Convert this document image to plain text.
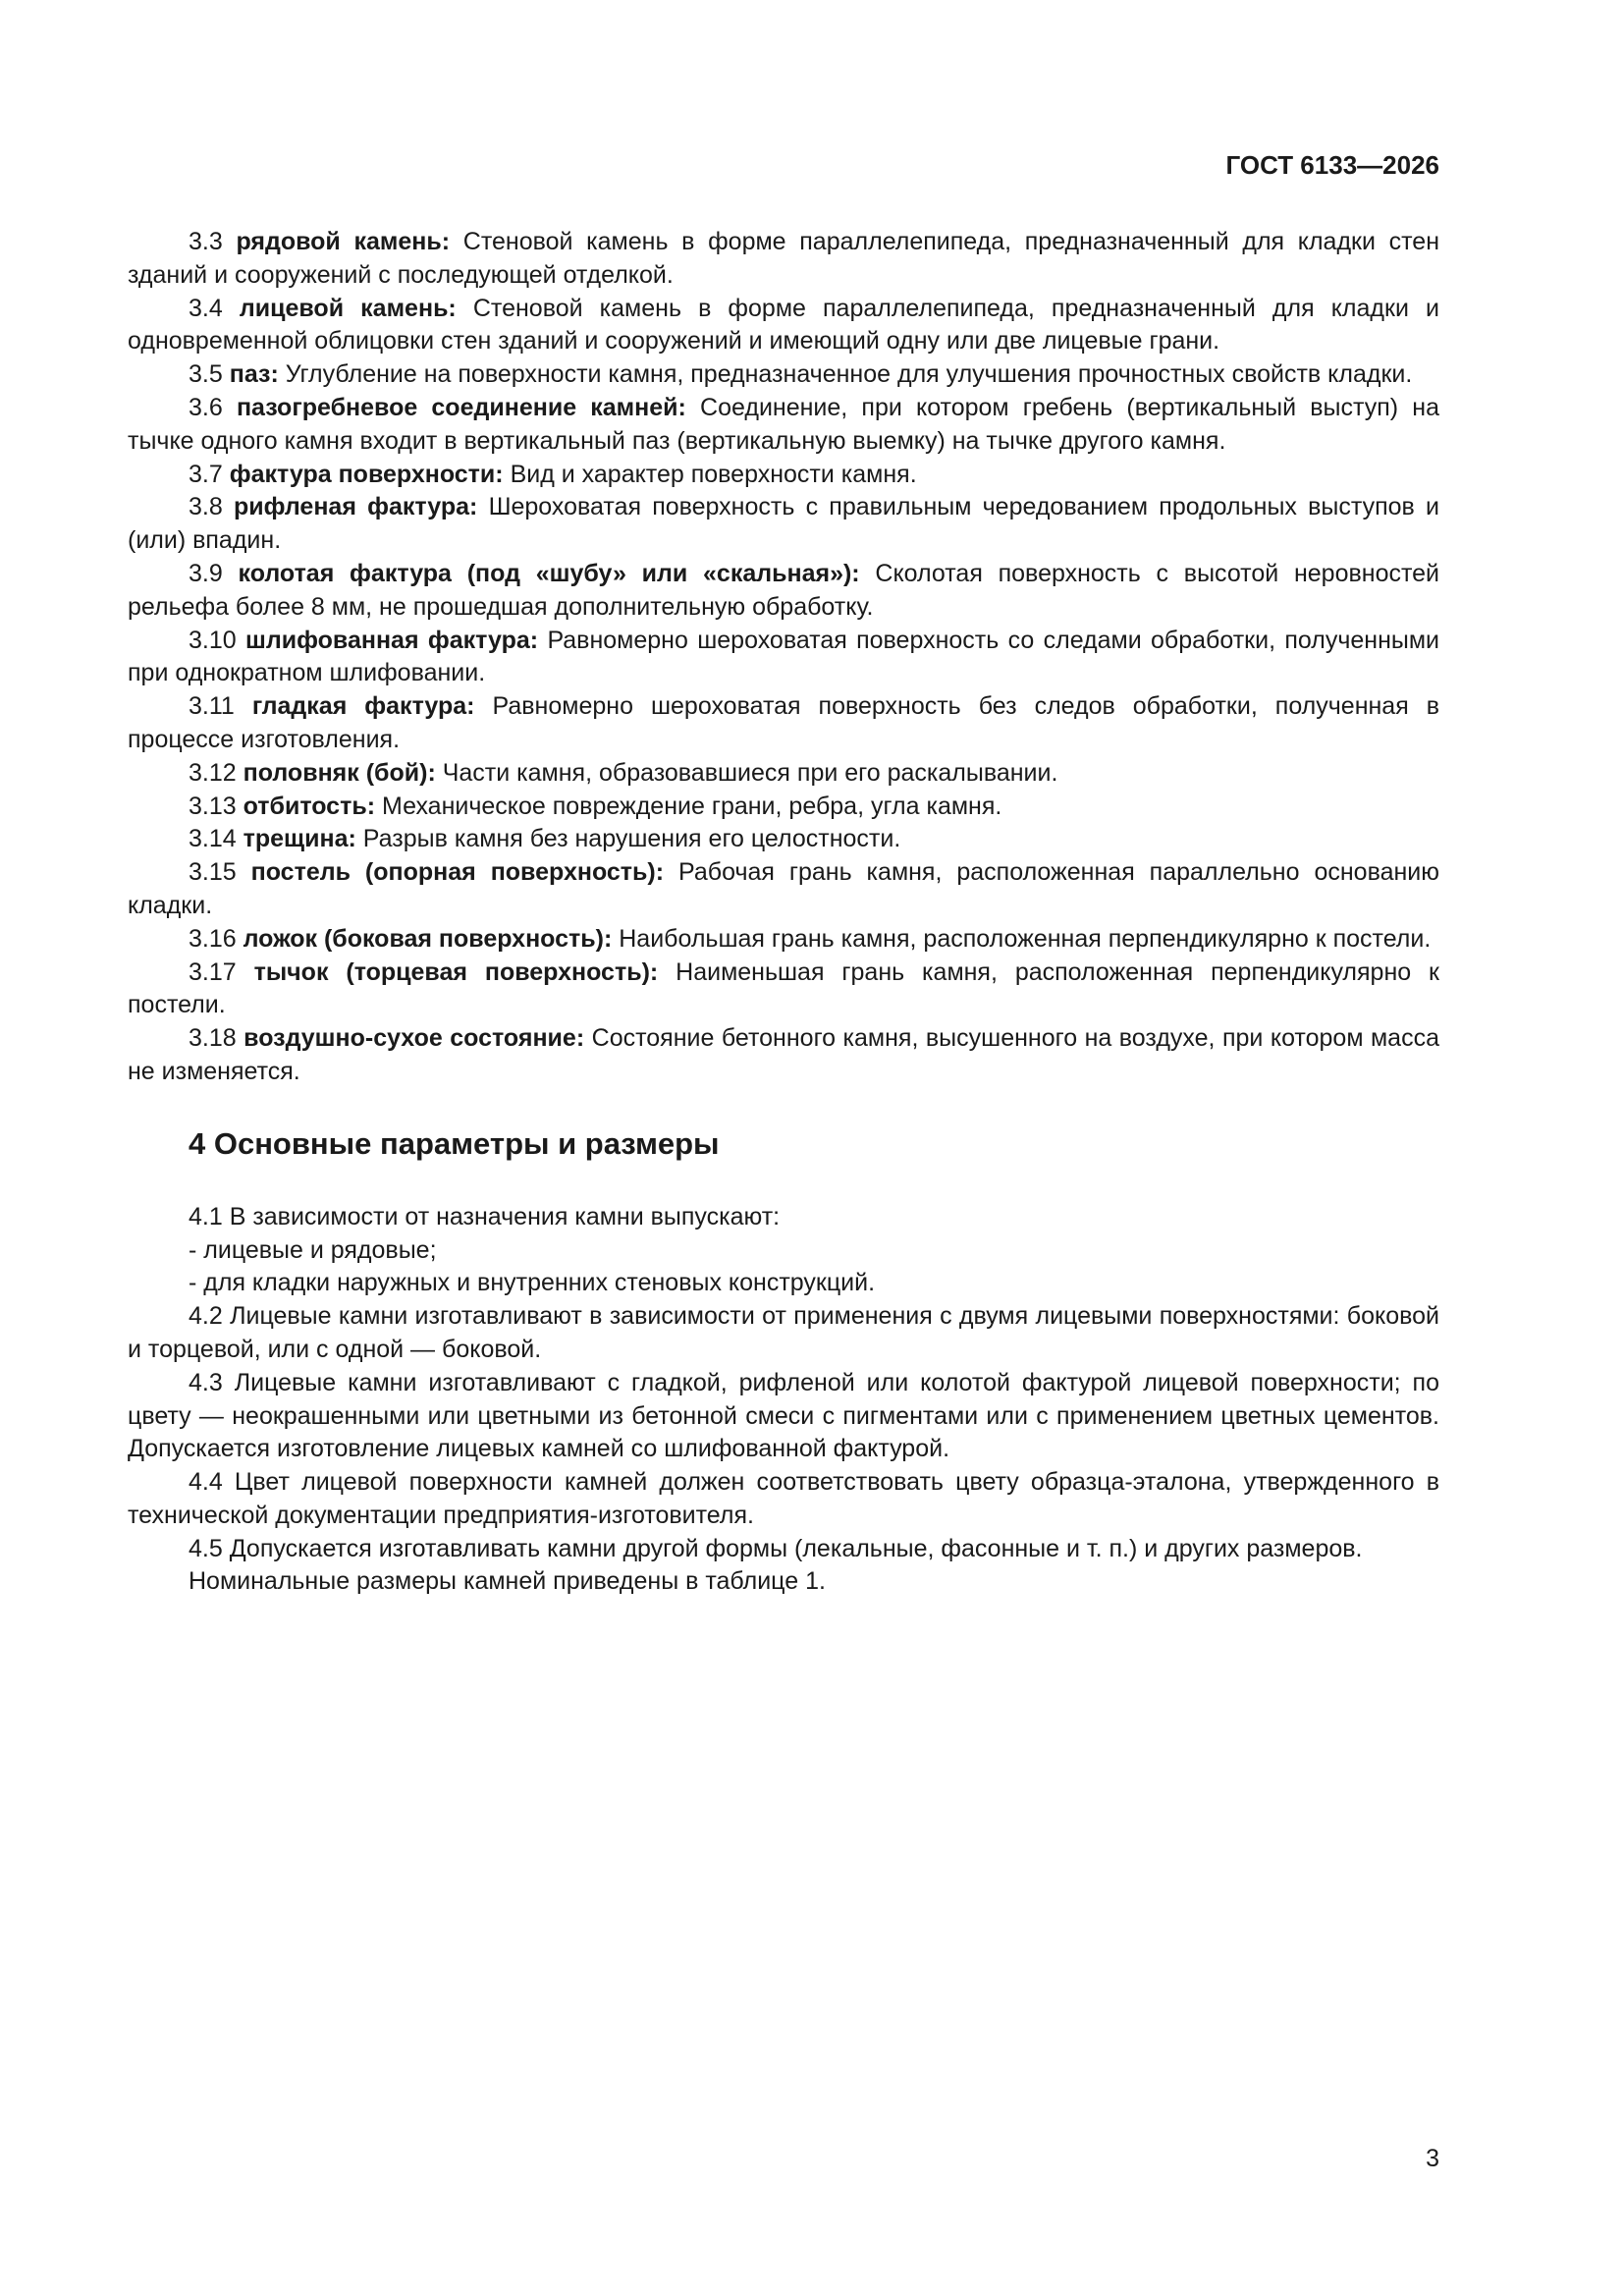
ГОСТ 6133—2026

3.3 рядовой камень: Стеновой камень в форме параллелепипеда, предназначенный для кладки стен зданий и сооружений с последующей отделкой.

3.4 лицевой камень: Стеновой камень в форме параллелепипеда, предназначенный для кладки и одновременной облицовки стен зданий и сооружений и имеющий одну или две лицевые грани.

3.5 паз: Углубление на поверхности камня, предназначенное для улучшения прочностных свойств кладки.

3.6 пазогребневое соединение камней: Соединение, при котором гребень (вертикальный выступ) на тычке одного камня входит в вертикальный паз (вертикальную выемку) на тычке другого камня.

3.7 фактура поверхности: Вид и характер поверхности камня.

3.8 рифленая фактура: Шероховатая поверхность с правильным чередованием продольных выступов и (или) впадин.

3.9 колотая фактура (под «шубу» или «скальная»): Сколотая поверхность с высотой неровностей рельефа более 8 мм, не прошедшая дополнительную обработку.

3.10 шлифованная фактура: Равномерно шероховатая поверхность со следами обработки, полученными при однократном шлифовании.

3.11 гладкая фактура: Равномерно шероховатая поверхность без следов обработки, полученная в процессе изготовления.

3.12 половняк (бой): Части камня, образовавшиеся при его раскалывании.

3.13 отбитость: Механическое повреждение грани, ребра, угла камня.

3.14 трещина: Разрыв камня без нарушения его целостности.

3.15 постель (опорная поверхность): Рабочая грань камня, расположенная параллельно основанию кладки.

3.16 ложок (боковая поверхность): Наибольшая грань камня, расположенная перпендикулярно к постели.

3.17 тычок (торцевая поверхность): Наименьшая грань камня, расположенная перпендикулярно к постели.

3.18 воздушно-сухое состояние: Состояние бетонного камня, высушенного на воздухе, при котором масса не изменяется.

4 Основные параметры и размеры

4.1 В зависимости от назначения камни выпускают:

- лицевые и рядовые;

- для кладки наружных и внутренних стеновых конструкций.

4.2 Лицевые камни изготавливают в зависимости от применения с двумя лицевыми поверхностями: боковой и торцевой, или с одной — боковой.

4.3 Лицевые камни изготавливают с гладкой, рифленой или колотой фактурой лицевой поверхности; по цвету — неокрашенными или цветными из бетонной смеси с пигментами или с применением цветных цементов. Допускается изготовление лицевых камней со шлифованной фактурой.

4.4 Цвет лицевой поверхности камней должен соответствовать цвету образца-эталона, утвержденного в технической документации предприятия-изготовителя.

4.5 Допускается изготавливать камни другой формы (лекальные, фасонные и т. п.) и других размеров.

Номинальные размеры камней приведены в таблице 1.

3
